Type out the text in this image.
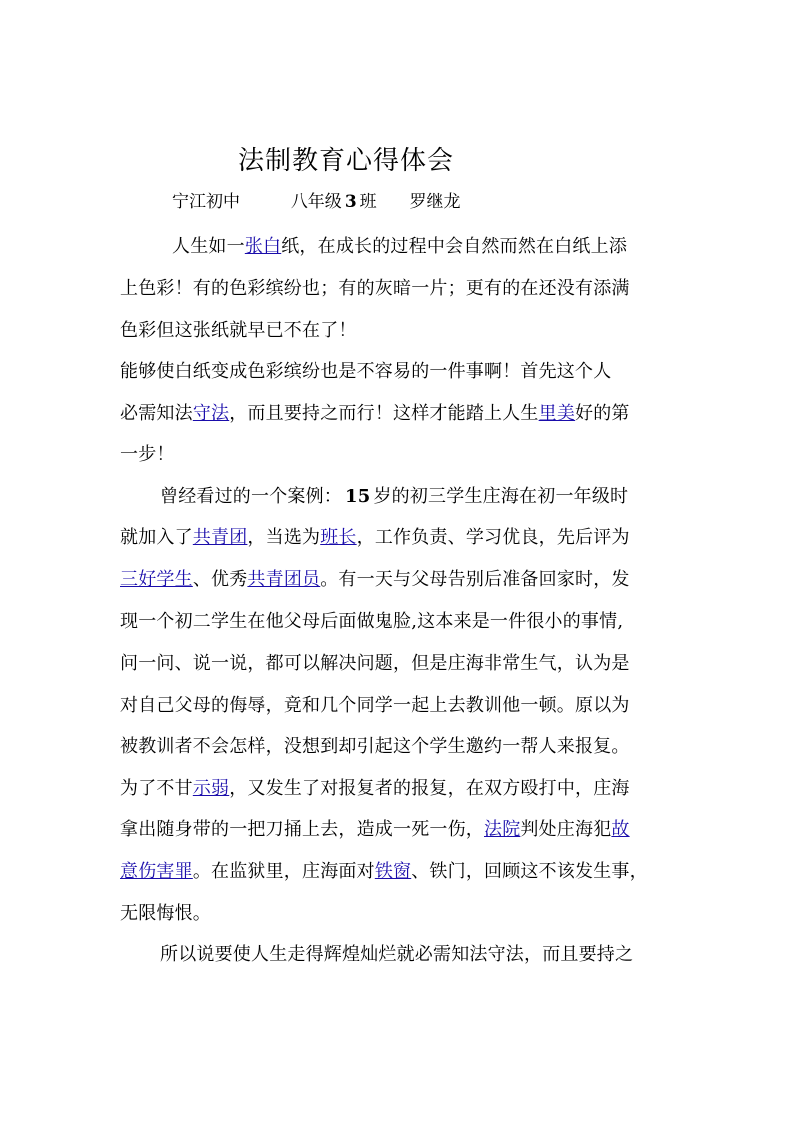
法制教育心得体会
宁江初中	八年级 3 班 罗继龙
人生如一张白纸，在成长的过程中会自然而然在白纸上添
上色彩！有的色彩缤纷也；有的灰暗一片；更有的在还没有添满
色彩但这张纸就早已不在了！
能够使白纸变成色彩缤纷也是不容易的一件事啊！首先这个人
必需知法守法，而且要持之而行！这样才能踏上人生里美好的第
一步！
曾经看过的一个案例： 15 岁的初三学生庄海在初一年级时
就加入了共青团，当选为班长，工作负责、学习优良，先后评为
三好学生、优秀共青团员。有一天与父母告别后准备回家时，发
现一个初二学生在他父母后面做鬼脸,这本来是一件很小的事情,
问一问、说一说，都可以解决问题，但是庄海非常生气，认为是
对自己父母的侮辱，竟和几个同学一起上去教训他一顿。原以为
被教训者不会怎样，没想到却引起这个学生邀约一帮人来报复。
为了不甘示弱，又发生了对报复者的报复，在双方殴打中，庄海
拿出随身带的一把刀捅上去，造成一死一伤，法院判处庄海犯故
意伤害罪。在监狱里，庄海面对铁窗、铁门，回顾这不该发生事，
无限悔恨。
所以说要使人生走得辉煌灿烂就必需知法守法，而且要持之
